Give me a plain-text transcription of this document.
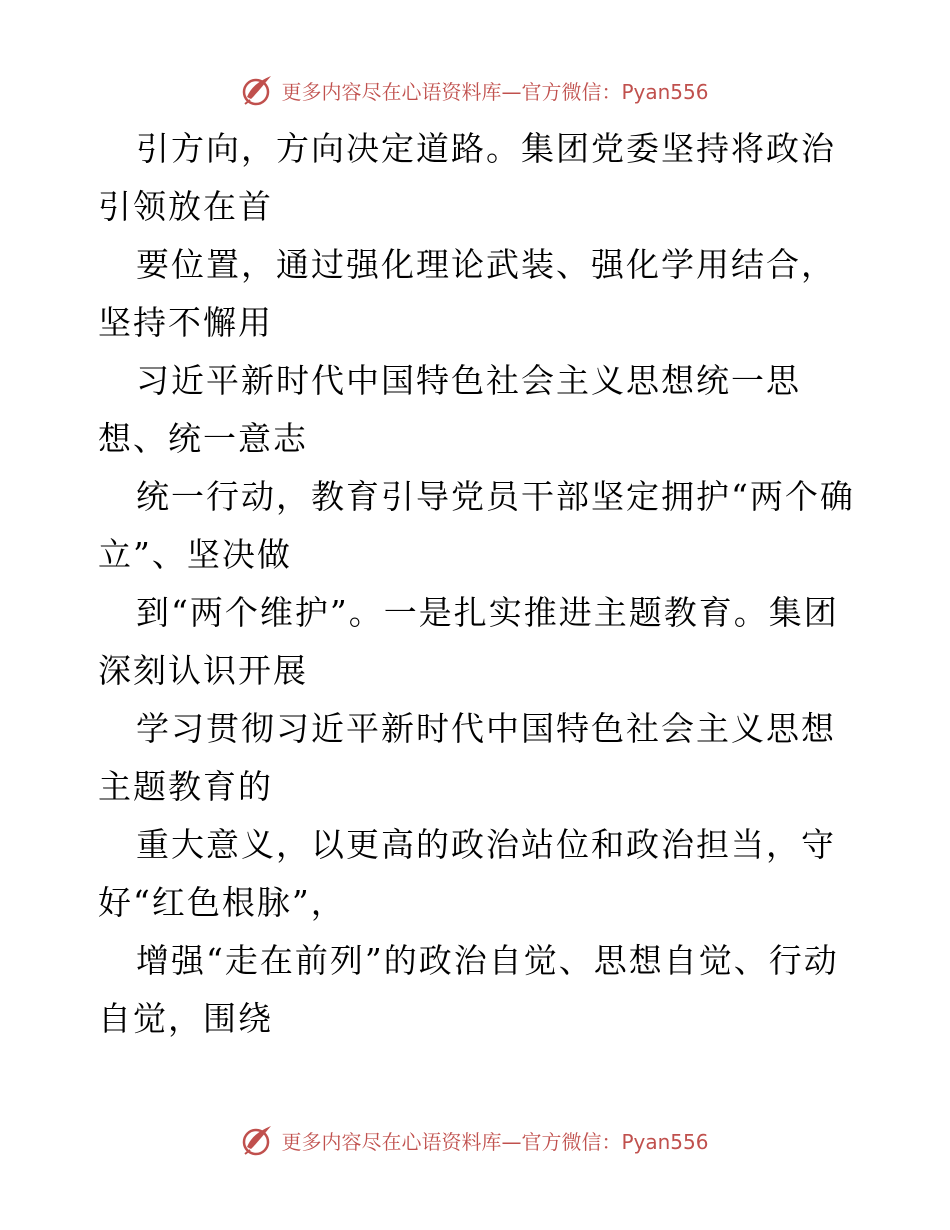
更多内容尽在心语资料库—官方微信：Pyan556

引方向，方向决定道路。集团党委坚持将政治引领放在首

要位置，通过强化理论武装、强化学用结合，坚持不懈用

习近平新时代中国特色社会主义思想统一思想、统一意志

统一行动，教育引导党员干部坚定拥护“两个确立”、坚决做

到“两个维护”。一是扎实推进主题教育。集团深刻认识开展

学习贯彻习近平新时代中国特色社会主义思想主题教育的

重大意义，以更高的政治站位和政治担当，守好“红色根脉”，

增强“走在前列”的政治自觉、思想自觉、行动自觉，围绕

更多内容尽在心语资料库—官方微信：Pyan556
